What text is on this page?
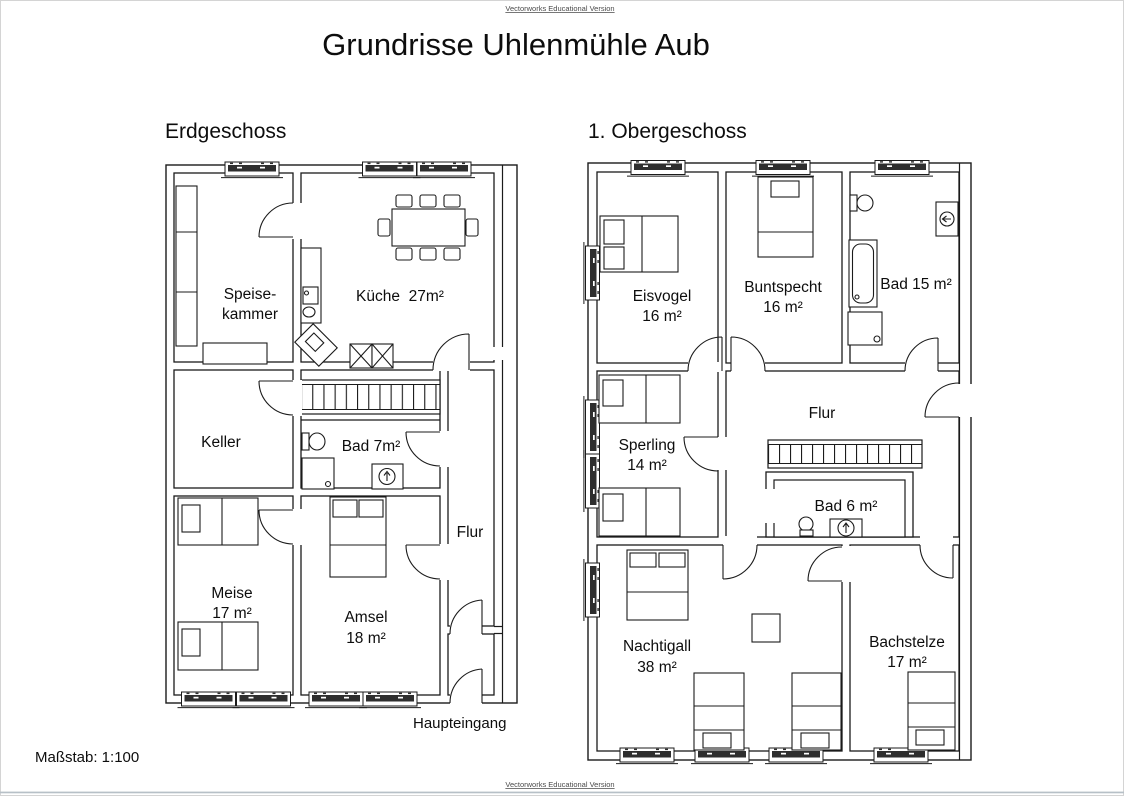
Vectorworks Educational Version
Vectorworks Educational Version
Grundrisse Uhlenmühle Aub
Erdgeschoss	1. Obergeschoss
Maßstab: 1:100
Haupteingang
Speise-
kammer
Küche  27m²
Keller	Bad 7m²
Flur
Meise
17 m²	Amsel
18 m²
Eisvogel
16 m²
Buntspecht
16 m²
Bad 15 m²
Sperling
14 m²
Flur
Bad 6 m²
Nachtigall
38 m²
Bachstelze
17 m²
